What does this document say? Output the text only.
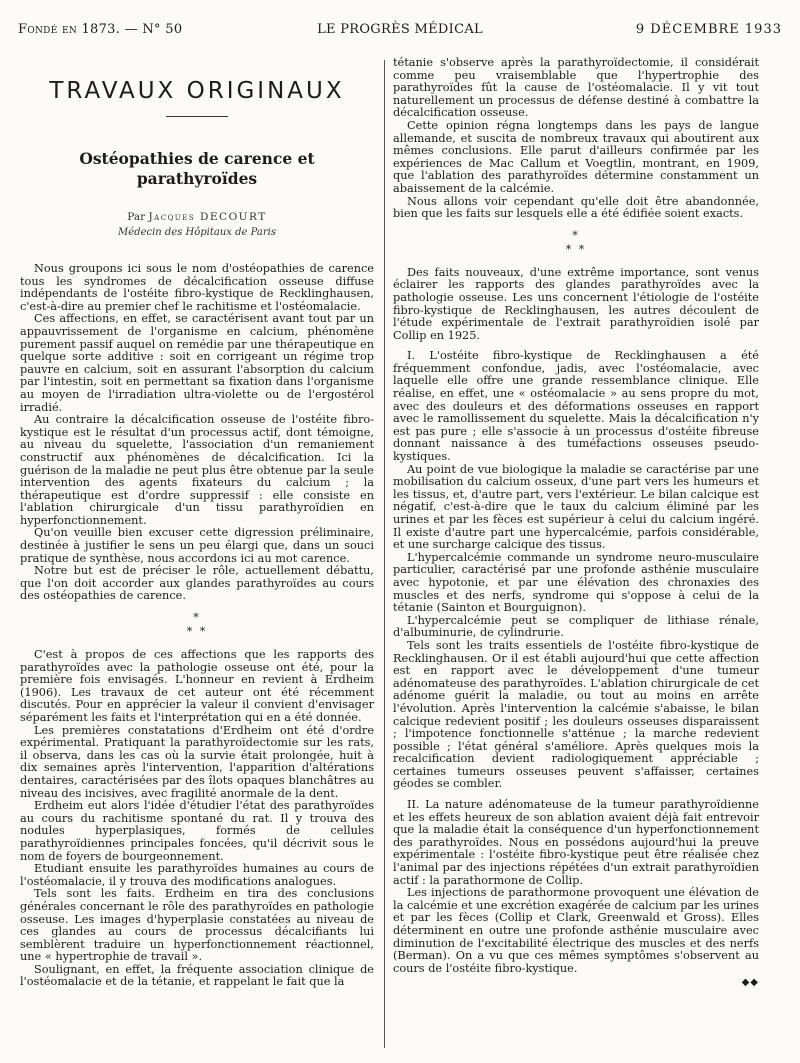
Fondé en 1873. — N° 50	LE PROGRÈS MÉDICAL	9 DÉCEMBRE 1933
TRAVAUX ORIGINAUX
Ostéopathies de carence et parathyroïdes
Par Jacques DECOURT
Médecin des Hôpitaux de Paris

Nous groupons ici sous le nom d'ostéopathies de carence tous les syndromes de décalcification osseuse diffuse indépendants de l'ostéite fibro-kystique de Recklinghausen, c'est-à-dire au premier chef le rachitisme et l'ostéomalacie.

Ces affections, en effet, se caractérisent avant tout par un appauvrissement de l'organisme en calcium, phénomène purement passif auquel on remédie par une thérapeutique en quelque sorte additive : soit en corrigeant un régime trop pauvre en calcium, soit en assurant l'absorption du calcium par l'intestin, soit en permettant sa fixation dans l'organisme au moyen de l'irradiation ultra-violette ou de l'ergostérol irradié.

Au contraire la décalcification osseuse de l'ostéite fibro-kystique est le résultat d'un processus actif, dont témoigne, au niveau du squelette, l'association d'un remaniement constructif aux phénomènes de décalcification. Ici la guérison de la maladie ne peut plus être obtenue par la seule intervention des agents fixateurs du calcium ; la thérapeutique est d'ordre suppressif : elle consiste en l'ablation chirurgicale d'un tissu parathyroïdien en hyperfonctionnement.

Qu'on veuille bien excuser cette digression préliminaire, destinée à justifier le sens un peu élargi que, dans un souci pratique de synthèse, nous accordons ici au mot carence.

Notre but est de préciser le rôle, actuellement débattu, que l'on doit accorder aux glandes parathyroïdes au cours des ostéopathies de carence.

*
* *

C'est à propos de ces affections que les rapports des parathyroïdes avec la pathologie osseuse ont été, pour la première fois envisagés. L'honneur en revient à Erdheim (1906). Les travaux de cet auteur ont été récemment discutés. Pour en apprécier la valeur il convient d'envisager séparément les faits et l'interprétation qui en a été donnée.

Les premières constatations d'Erdheim ont été d'ordre expérimental. Pratiquant la parathyroïdectomie sur les rats, il observa, dans les cas où la survie était prolongée, huit à dix semaines après l'intervention, l'apparition d'altérations dentaires, caractérisées par des îlots opaques blanchâtres au niveau des incisives, avec fragilité anormale de la dent.

Erdheim eut alors l'idée d'étudier l'état des parathyroïdes au cours du rachitisme spontané du rat. Il y trouva des nodules hyperplasiques, formés de cellules parathyroïdiennes principales foncées, qu'il décrivit sous le nom de foyers de bourgeonnement.

Etudiant ensuite les parathyroïdes humaines au cours de l'ostéomalacie, il y trouva des modifications analogues.

Tels sont les faits. Erdheim en tira des conclusions générales concernant le rôle des parathyroïdes en pathologie osseuse. Les images d'hyperplasie constatées au niveau de ces glandes au cours de processus décalcifiants lui semblèrent traduire un hyperfonctionnement réactionnel, une « hypertrophie de travail ».

Soulignant, en effet, la fréquente association clinique de l'ostéomalacie et de la tétanie, et rappelant le fait que la

tétanie s'observe après la parathyroïdectomie, il considérait comme peu vraisemblable que l'hypertrophie des parathyroïdes fût la cause de l'ostéomalacie. Il y vit tout naturellement un processus de défense destiné à combattre la décalcification osseuse.

Cette opinion régna longtemps dans les pays de langue allemande, et suscita de nombreux travaux qui aboutirent aux mêmes conclusions. Elle parut d'ailleurs confirmée par les expériences de Mac Callum et Voegtlin, montrant, en 1909, que l'ablation des parathyroïdes détermine constamment un abaissement de la calcémie.

Nous allons voir cependant qu'elle doit être abandonnée, bien que les faits sur lesquels elle a été édifiée soient exacts.

*
* *

Des faits nouveaux, d'une extrême importance, sont venus éclairer les rapports des glandes parathyroïdes avec la pathologie osseuse. Les uns concernent l'étiologie de l'ostéite fibro-kystique de Recklinghausen, les autres découlent de l'étude expérimentale de l'extrait parathyroïdien isolé par Collip en 1925.

I. L'ostéite fibro-kystique de Recklinghausen a été fréquemment confondue, jadis, avec l'ostéomalacie, avec laquelle elle offre une grande ressemblance clinique. Elle réalise, en effet, une « ostéomalacie » au sens propre du mot, avec des douleurs et des déformations osseuses en rapport avec le ramollissement du squelette. Mais la décalcification n'y est pas pure ; elle s'associe à un processus d'ostéite fibreuse donnant naissance à des tuméfactions osseuses pseudo-kystiques.

Au point de vue biologique la maladie se caractérise par une mobilisation du calcium osseux, d'une part vers les humeurs et les tissus, et, d'autre part, vers l'extérieur. Le bilan calcique est négatif, c'est-à-dire que le taux du calcium éliminé par les urines et par les fèces est supérieur à celui du calcium ingéré. Il existe d'autre part une hypercalcémie, parfois considérable, et une surcharge calcique des tissus.

L'hypercalcémie commande un syndrome neuro-musculaire particulier, caractérisé par une profonde asthénie musculaire avec hypotonie, et par une élévation des chronaxies des muscles et des nerfs, syndrome qui s'oppose à celui de la tétanie (Sainton et Bourguignon).

L'hypercalcémie peut se compliquer de lithiase rénale, d'albuminurie, de cylindrurie.

Tels sont les traits essentiels de l'ostéite fibro-kystique de Recklinghausen. Or il est établi aujourd'hui que cette affection est en rapport avec le développement d'une tumeur adénomateuse des parathyroïdes. L'ablation chirurgicale de cet adénome guérit la maladie, ou tout au moins en arrête l'évolution. Après l'intervention la calcémie s'abaisse, le bilan calcique redevient positif ; les douleurs osseuses disparaissent ; l'impotence fonctionnelle s'atténue ; la marche redevient possible ; l'état général s'améliore. Après quelques mois la recalcification devient radiologiquement appréciable ; certaines tumeurs osseuses peuvent s'affaisser, certaines géodes se combler.

II. La nature adénomateuse de la tumeur parathyroïdienne et les effets heureux de son ablation avaient déjà fait entrevoir que la maladie était la conséquence d'un hyperfonctionnement des parathyroïdes. Nous en possédons aujourd'hui la preuve expérimentale : l'ostéite fibro-kystique peut être réalisée chez l'animal par des injections répétées d'un extrait parathyroïdien actif : la parathormone de Collip.

Les injections de parathormone provoquent une élévation de la calcémie et une excrétion exagérée de calcium par les urines et par les fèces (Collip et Clark, Greenwald et Gross). Elles déterminent en outre une profonde asthénie musculaire avec diminution de l'excitabilité électrique des muscles et des nerfs (Berman). On a vu que ces mêmes symptômes s'observent au cours de l'ostéite fibro-kystique.

◆◆
